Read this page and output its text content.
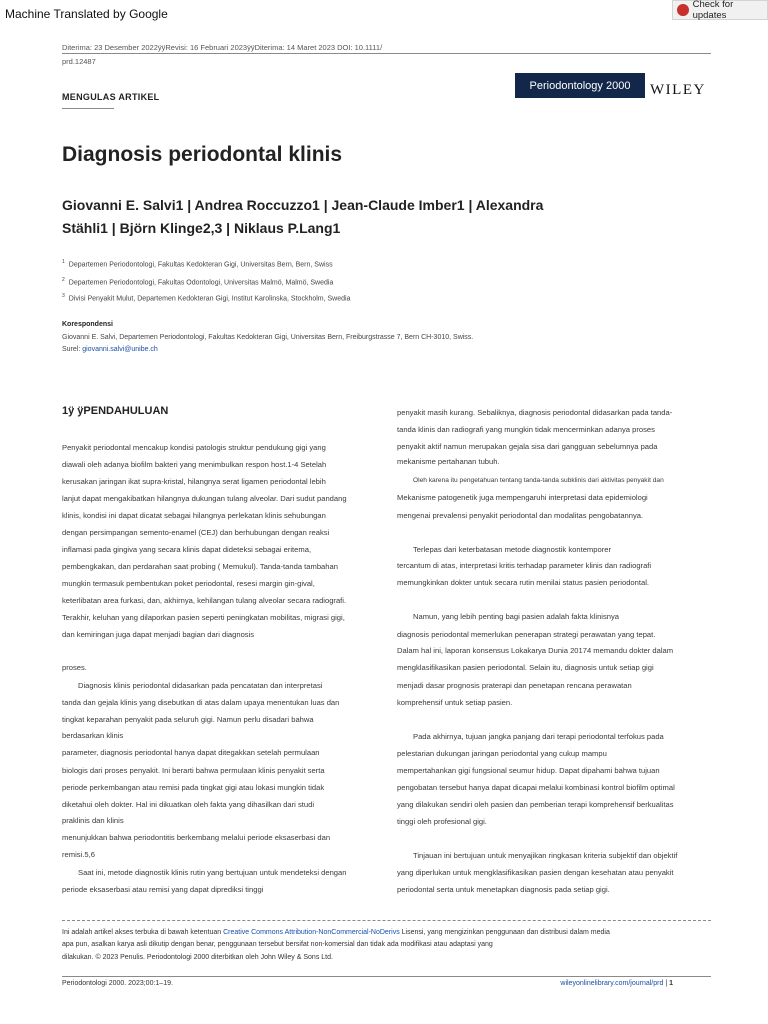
Machine Translated by Google
Check for updates
Diterima: 23 Desember 2022ÿÿRevisi: 16 Februari 2023ÿÿDiterima: 14 Maret 2023 DOI: 10.1111/
prd.12487
MENGULAS ARTIKEL
Periodontology 2000	WILEY
Diagnosis periodontal klinis
Giovanni E. Salvi1 | Andrea Roccuzzo1 | Jean-Claude Imber1 | Alexandra
Stähli1 | Björn Klinge2,3 | Niklaus P.Lang1
$^1$ Departemen Periodontologi, Fakultas Kedokteran Gigi, Universitas Bern, Bern, Swiss
$^2$ Departemen Periodontologi, Fakultas Odontologi, Universitas Malmö, Malmö, Swedia
$^3$ Divisi Penyakit Mulut, Departemen Kedokteran Gigi, Institut Karolinska, Stockholm, Swedia
Korespondensi
Giovanni E. Salvi, Departemen Periodontologi, Fakultas Kedokteran Gigi, Universitas Bern, Freiburgstrasse 7, Bern CH-3010, Swiss.
Surel: giovanni.salvi@unibe.ch
1ÿ ÿPENDAHULUAN
Penyakit periodontal mencakup kondisi patologis struktur pendukung gigi yang
diawali oleh adanya biofilm bakteri yang menimbulkan respon host.1-4 Setelah
kerusakan jaringan ikat supra-kristal, hilangnya serat ligamen periodontal lebih
lanjut dapat mengakibatkan hilangnya dukungan tulang alveolar. Dari sudut pandang
klinis, kondisi ini dapat dicatat sebagai hilangnya perlekatan klinis sehubungan
dengan persimpangan semento-enamel (CEJ) dan berhubungan dengan reaksi
inflamasi pada gingiva yang secara klinis dapat dideteksi sebagai eritema,
pembengkakan, dan perdarahan saat probing ( Memukul). Tanda-tanda tambahan
mungkin termasuk pembentukan poket periodontal, resesi margin gin-gival,
keterlibatan area furkasi, dan, akhirnya, kehilangan tulang alveolar secara radiografi.
Terakhir, keluhan yang dilaporkan pasien seperti peningkatan mobilitas, migrasi gigi,
dan kemiringan juga dapat menjadi bagian dari diagnosis
proses.
Diagnosis klinis periodontal didasarkan pada pencatatan dan interpretasi
tanda dan gejala klinis yang disebutkan di atas dalam upaya menentukan luas dan
tingkat keparahan penyakit pada seluruh gigi. Namun perlu disadari bahwa
berdasarkan klinis
parameter, diagnosis periodontal hanya dapat ditegakkan setelah permulaan
biologis dari proses penyakit. Ini berarti bahwa permulaan klinis penyakit serta
periode perkembangan atau remisi pada tingkat gigi atau lokasi mungkin tidak
diketahui oleh dokter. Hal ini dikuatkan oleh fakta yang dihasilkan dari studi
praklinis dan klinis
menunjukkan bahwa periodontitis berkembang melalui periode eksaserbasi dan
remisi.5,6
Saat ini, metode diagnostik klinis rutin yang bertujuan untuk mendeteksi dengan
periode eksaserbasi atau remisi yang dapat diprediksi tinggi
penyakit masih kurang. Sebaliknya, diagnosis periodontal didasarkan pada tanda-
tanda klinis dan radiografi yang mungkin tidak mencerminkan adanya proses
penyakit aktif namun merupakan gejala sisa dari gangguan sebelumnya pada
mekanisme pertahanan tubuh.
Oleh karena itu pengetahuan tentang tanda-tanda subklinis dari aktivitas penyakit dan
Mekanisme patogenetik juga mempengaruhi interpretasi data epidemiologi
mengenai prevalensi penyakit periodontal dan modalitas pengobatannya.
Terlepas dari keterbatasan metode diagnostik kontemporer
tercantum di atas, interpretasi kritis terhadap parameter klinis dan radiografi
memungkinkan dokter untuk secara rutin menilai status pasien periodontal.
Namun, yang lebih penting bagi pasien adalah fakta klinisnya
diagnosis periodontal memerlukan penerapan strategi perawatan yang tepat.
Dalam hal ini, laporan konsensus Lokakarya Dunia 20174 memandu dokter dalam
mengklasifikasikan pasien periodontal. Selain itu, diagnosis untuk setiap gigi
menjadi dasar prognosis praterapi dan penetapan rencana perawatan
komprehensif untuk setiap pasien.
Pada akhirnya, tujuan jangka panjang dari terapi periodontal terfokus pada
pelestarian dukungan jaringan periodontal yang cukup mampu
mempertahankan gigi fungsional seumur hidup. Dapat dipahami bahwa tujuan
pengobatan tersebut hanya dapat dicapai melalui kombinasi kontrol biofilm optimal
yang dilakukan sendiri oleh pasien dan pemberian terapi komprehensif berkualitas
tinggi oleh profesional gigi.
Tinjauan ini bertujuan untuk menyajikan ringkasan kriteria subjektif dan objektif
yang diperlukan untuk mengklasifikasikan pasien dengan kesehatan atau penyakit
periodontal serta untuk menetapkan diagnosis pada setiap gigi.
Ini adalah artikel akses terbuka di bawah ketentuan Creative Commons Attribution-NonCommercial-NoDerivs Lisensi, yang mengizinkan penggunaan dan distribusi dalam media
apa pun, asalkan karya asli dikutip dengan benar, penggunaan tersebut bersifat non-komersial dan tidak ada modifikasi atau adaptasi yang
dilakukan. © 2023 Penulis. Periodontologi 2000 diterbitkan oleh John Wiley & Sons Ltd.
Periodontologi 2000. 2023;00:1–19.	wileyonlinelibrary.com/journal/prd | 1
